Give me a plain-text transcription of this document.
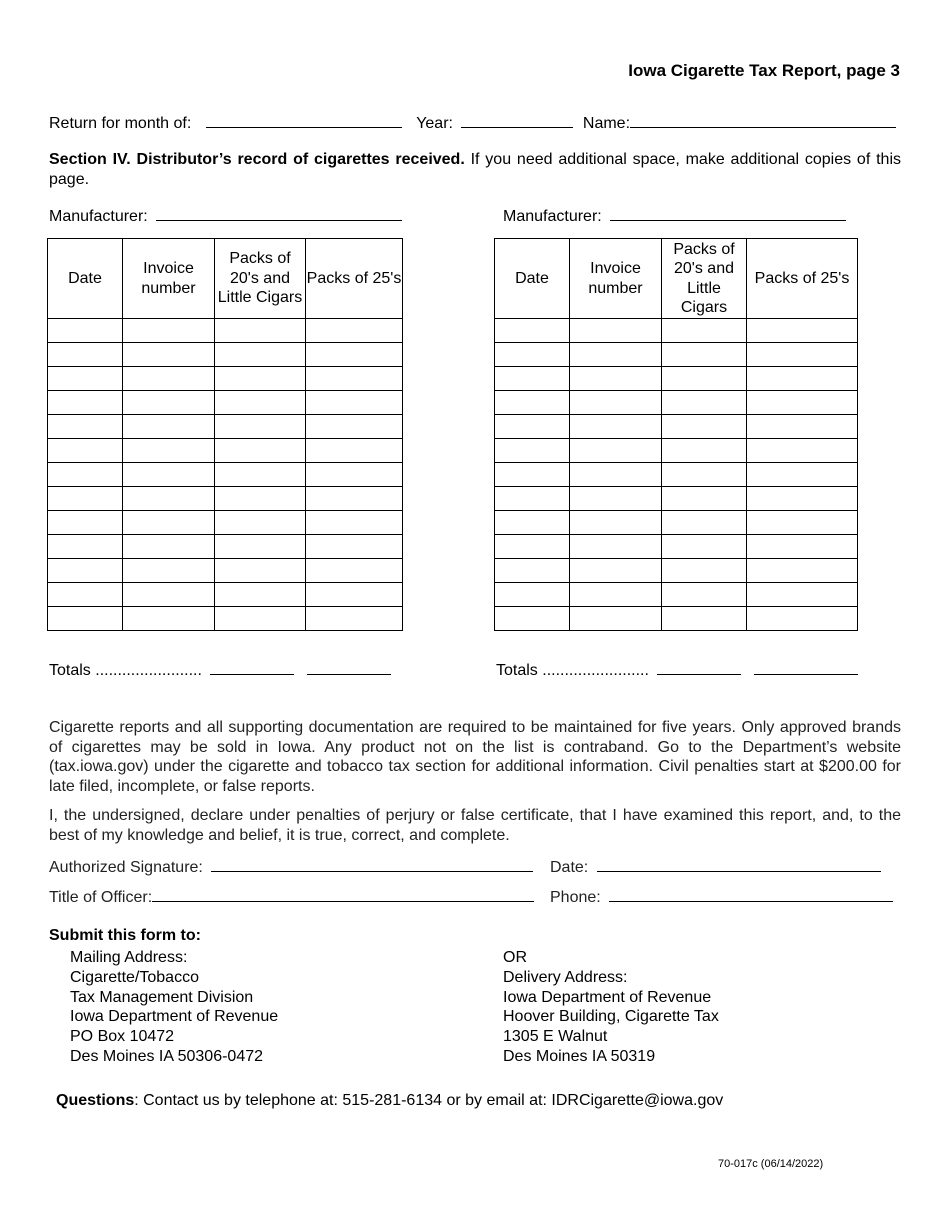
Iowa Cigarette Tax Report, page 3
Return for month of:	Year:	Name:
Section IV. Distributor’s record of cigarettes received. If you need additional space, make additional copies of this page.
Manufacturer:
Date	Invoice number	Packs of 20's and Little Cigars	Packs of 25's

Totals ........................
Manufacturer:
Date	Invoice number	Packs of 20's and Little Cigars	Packs of 25's

Totals ........................
Cigarette reports and all supporting documentation are required to be maintained for five years. Only approved brands of cigarettes may be sold in Iowa. Any product not on the list is contraband. Go to the Department’s website (tax.iowa.gov) under the cigarette and tobacco tax section for additional information. Civil penalties start at $200.00 for late filed, incomplete, or false reports.
I, the undersigned, declare under penalties of perjury or false certificate, that I have examined this report, and, to the best of my knowledge and belief, it is true, correct, and complete.
Authorized Signature:	Date:
Title of Officer:	Phone:
Submit this form to:
Mailing Address:
Cigarette/Tobacco
Tax Management Division
Iowa Department of Revenue
PO Box 10472
Des Moines IA 50306-0472
OR
Delivery Address:
Iowa Department of Revenue
Hoover Building, Cigarette Tax
1305 E Walnut
Des Moines IA 50319
Questions: Contact us by telephone at: 515-281-6134 or by email at: IDRCigarette@iowa.gov
70-017c (06/14/2022)
